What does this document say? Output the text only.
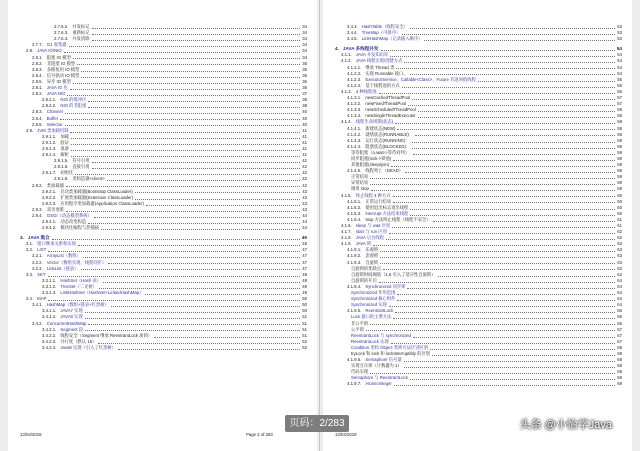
2.7.6.2. 并发标记	34
2.7.6.3. 重新标记	34
2.7.6.4. 并发清除	34
2.7.7. G1 收集器	34
2.8. JAVA IO/NIO	34
2.8.1. 阻塞 IO 模型	34
2.8.2. 非阻塞 IO 模型	35
2.8.3. 多路复用 IO 模型	35
2.8.4. 信号驱动 IO 模型	36
2.8.5. 异步 IO 模型	36
2.8.1. JAVA IO 包	36
2.8.2. JAVA NIO	37
2.8.2.1. NIO 的缓冲区	38
2.8.2.2. NIO 的非阻塞	38
2.8.3. Channel	40
2.8.4. Buffer	40
2.8.5. Selector	40
2.9. JVM 类加载机制	41
2.9.1.1. 加载	41
2.9.1.2. 验证	41
2.9.1.3. 准备	41
2.9.1.4. 解析	41
2.9.1.5. 符号引用	42
2.9.1.6. 直接引用	42
2.9.1.7. 初始化	42
2.9.1.8. 类构造器<client>	42
2.9.2. 类加载器	42
2.9.2.1. 启动类加载器(Bootstrap ClassLoader)	43
2.9.2.2. 扩展类加载器(Extension ClassLoader)	43
2.9.2.3. 应用程序类加载器(Application ClassLoader)	43
2.9.3. 双亲委派	43
2.9.4. OSGI（动态模型系统）	44
2.9.4.1. 动态改变构造	44
2.9.4.2. 模块化编程与热插拔	44
3. JAVA 集合	45
3.1. 接口继承关系和实现	45
3.2. LIST	47
3.2.1. ArrayList（数组）	47
3.2.2. Vector（数组实现、线程同步）	47
3.2.3. LinkList（链表）	47
3.3. SET	48
3.3.1.1. HashSet（Hash 表）	48
3.3.1.2. TreeSet（二叉树）	49
3.3.1.3. LinkHashSet（HashSet+LinkedHashMap）	49
3.4. MAP	50
3.4.1. HashMap（数组+链表+红黑树）	50
3.4.1.1. JAVA7 实现	50
3.4.1.2. JAVA8 实现	51
3.4.2. ConcurrentHashMap	51
3.4.2.1. Segment 段	51
3.4.2.2. 线程安全（Segment 继承 ReentrantLock 加锁）	51
3.4.2.3. 并行度（默认 16）	52
3.4.2.4. Java8 实现（引入了红黑树）	52
13/04/2018	Page 2 of 283
3.4.3. HashTable（线程安全）	53
3.4.4. TreeMap（可排序）	53
3.4.5. LinkHashMap（记录插入顺序）	53
4. JAVA 多线程并发	54
4.1.1. JAVA 并发知识库	54
4.1.2. JAVA 线程实现/创建方式	54
4.1.2.1. 继承 Thread 类	54
4.1.2.2. 实现 Runnable 接口。	54
4.1.2.3. ExecutorService、Callable<Class>、Future 有返回值线程	55
4.1.2.4. 基于线程池的方式	56
4.1.3. 4 种线程池	56
4.1.3.1. newCachedThreadPool	57
4.1.3.2. newFixedThreadPool	57
4.1.3.3. newScheduledThreadPool	58
4.1.3.4. newSingleThreadExecutor	58
4.1.4. 线程生命周期(状态)	58
4.1.4.1. 新建状态(NEW)	58
4.1.4.2. 就绪状态(RUNNABLE)：	59
4.1.4.3. 运行状态(RUNNING)：	59
4.1.4.4. 阻塞状态(BLOCKED)：	59
等待阻塞（o.wait->等待对列）：	59
同步阻塞(lock->锁池)	59
其他阻塞(sleep/join)	59
4.1.4.5. 线程死亡（DEAD）	59
正常结束	59
异常结束	59
调用 stop	59
4.1.5. 终止线程 4 种方式	60
4.1.5.1. 正常运行结束	60
4.1.5.2. 使用退出标志退出线程	60
4.1.5.3. Interrupt 方法结束线程	60
4.1.5.4. stop 方法终止线程（线程不安全）	61
4.1.6. sleep 与 wait 区别	61
4.1.7. start 与 run 区别	62
4.1.8. JAVA 后台线程	62
4.1.9. JAVA 锁	63
4.1.9.1. 乐观锁	63
4.1.9.2. 悲观锁	63
4.1.9.3. 自旋锁	63
自旋锁的优缺点	63
自旋锁时间阈值（1.6 引入了适应性自旋锁）	63
自旋锁的开启	64
4.1.9.4. Synchronized 同步锁	64
Synchronized 作用范围	64
Synchronized 核心组件	64
Synchronized 实现	64
4.1.9.5. ReentrantLock	66
Lock 接口的主要方法	66
非公平锁	66
公平锁	67
ReentrantLock 与 synchronized	67
ReentrantLock 实现	67
Condition 类和 Object 类锁方法区别区别	68
tryLock 和 lock 和 lockInterruptibly 的区别	68
4.1.9.6. Semaphore 信号量	68
实现互斥锁（计数器为 1）	68
代码实现	68
Semaphore 与 ReentrantLock	69
4.1.9.7. AtomicInteger	69
13/04/2018
页码：2/283	头条 @小怡学Java
